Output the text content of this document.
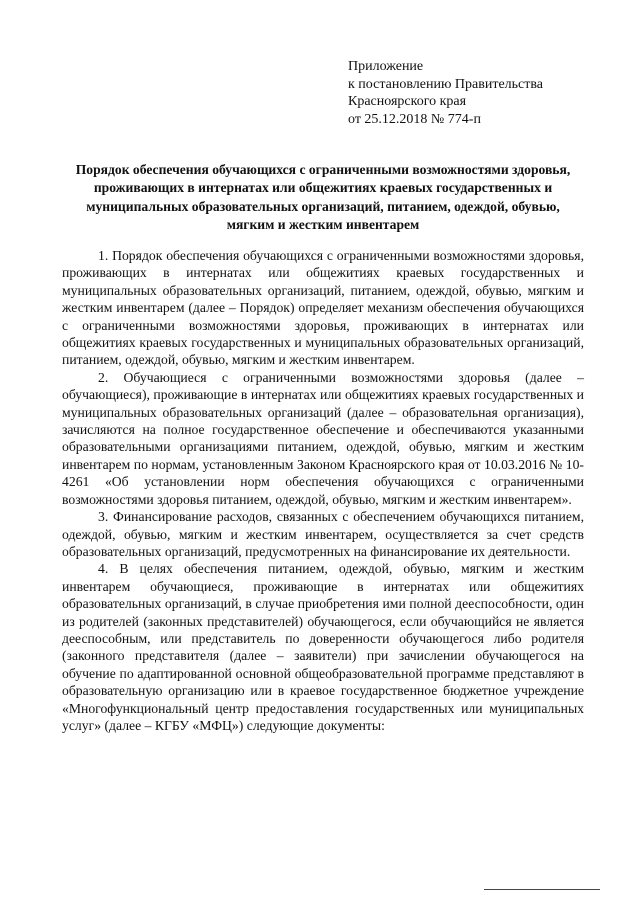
Приложение
к постановлению Правительства
Красноярского края
от 25.12.2018 № 774-п
Порядок обеспечения обучающихся с ограниченными возможностями здоровья, проживающих в интернатах или общежитиях краевых государственных и муниципальных образовательных организаций, питанием, одеждой, обувью, мягким и жестким инвентарем

1. Порядок обеспечения обучающихся с ограниченными возможностями здоровья, проживающих в интернатах или общежитиях краевых государственных и муниципальных образовательных организаций, питанием, одеждой, обувью, мягким и жестким инвентарем (далее – Порядок) определяет механизм обеспечения обучающихся с ограниченными возможностями здоровья, проживающих в интернатах или общежитиях краевых государственных и муниципальных образовательных организаций, питанием, одеждой, обувью, мягким и жестким инвентарем.

2. Обучающиеся с ограниченными возможностями здоровья (далее – обучающиеся), проживающие в интернатах или общежитиях краевых государственных и муниципальных образовательных организаций (далее – образовательная организация), зачисляются на полное государственное обеспечение и обеспечиваются указанными образовательными организациями питанием, одеждой, обувью, мягким и жестким инвентарем по нормам, установленным Законом Красноярского края от 10.03.2016 № 10-4261 «Об установлении норм обеспечения обучающихся с ограниченными возможностями здоровья питанием, одеждой, обувью, мягким и жестким инвентарем».

3. Финансирование расходов, связанных с обеспечением обучающихся питанием, одеждой, обувью, мягким и жестким инвентарем, осуществляется за счет средств образовательных организаций, предусмотренных на финансирование их деятельности.

4. В целях обеспечения питанием, одеждой, обувью, мягким и жестким инвентарем обучающиеся, проживающие в интернатах или общежитиях образовательных организаций, в случае приобретения ими полной дееспособности, один из родителей (законных представителей) обучающегося, если обучающийся не является дееспособным, или представитель по доверенности обучающегося либо родителя (законного представителя (далее – заявители) при зачислении обучающегося на обучение по адаптированной основной общеобразовательной программе представляют в образовательную организацию или в краевое государственное бюджетное учреждение «Многофункциональный центр предоставления государственных или муниципальных услуг» (далее – КГБУ «МФЦ») следующие документы:
